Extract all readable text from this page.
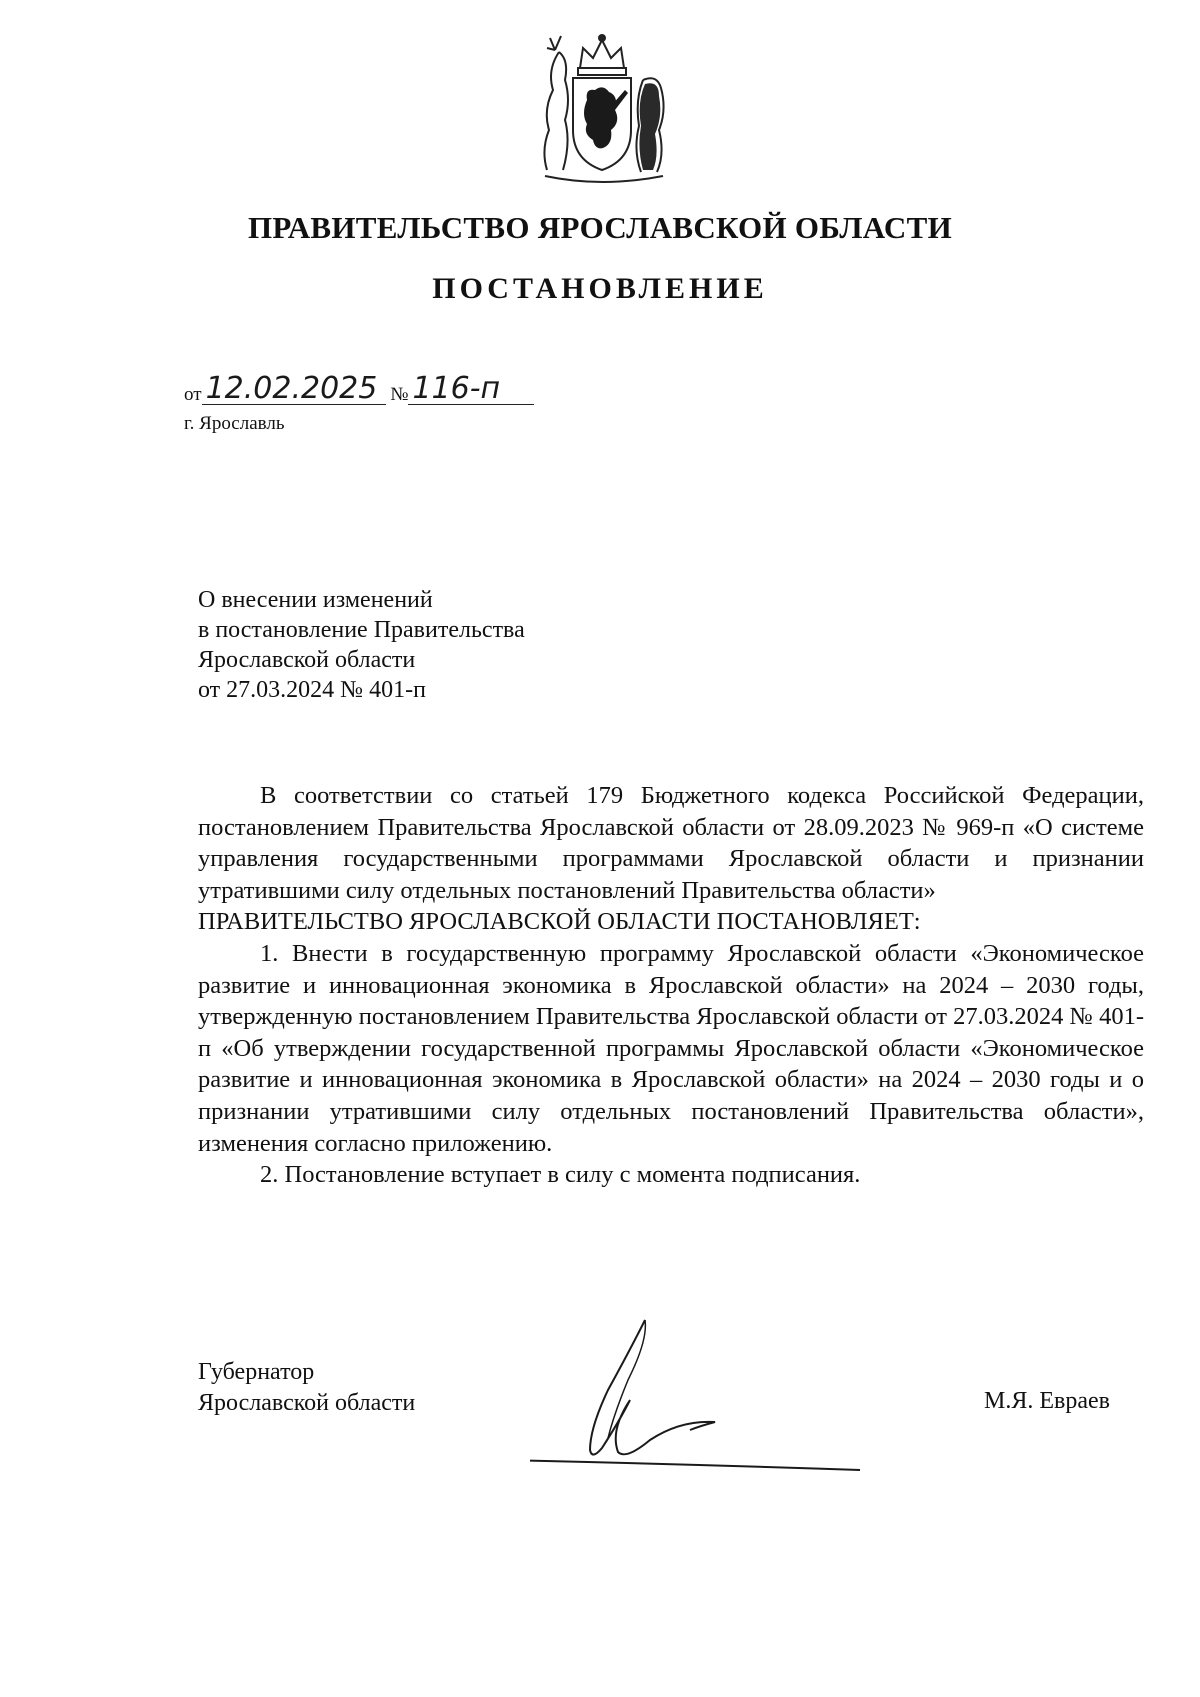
ПРАВИТЕЛЬСТВО ЯРОСЛАВСКОЙ ОБЛАСТИ
ПОСТАНОВЛЕНИЕ
от 12.02.2025 № 116-п
г. Ярославль
О внесении изменений
в постановление Правительства
Ярославской области
от 27.03.2024 № 401-п

В соответствии со статьей 179 Бюджетного кодекса Российской Федерации, постановлением Правительства Ярославской области от 28.09.2023 № 969-п «О системе управления государственными программами Ярославской области и признании утратившими силу отдельных постановлений Правительства области»

ПРАВИТЕЛЬСТВО ЯРОСЛАВСКОЙ ОБЛАСТИ ПОСТАНОВЛЯЕТ:

1. Внести в государственную программу Ярославской области «Экономическое развитие и инновационная экономика в Ярославской области» на 2024 – 2030 годы, утвержденную постановлением Правительства Ярославской области от 27.03.2024 № 401-п «Об утверждении государственной программы Ярославской области «Экономическое развитие и инновационная экономика в Ярославской области» на 2024 – 2030 годы и о признании утратившими силу отдельных постановлений Правительства области», изменения согласно приложению.

2. Постановление вступает в силу с момента подписания.

Губернатор
Ярославской области	М.Я. Евраев
